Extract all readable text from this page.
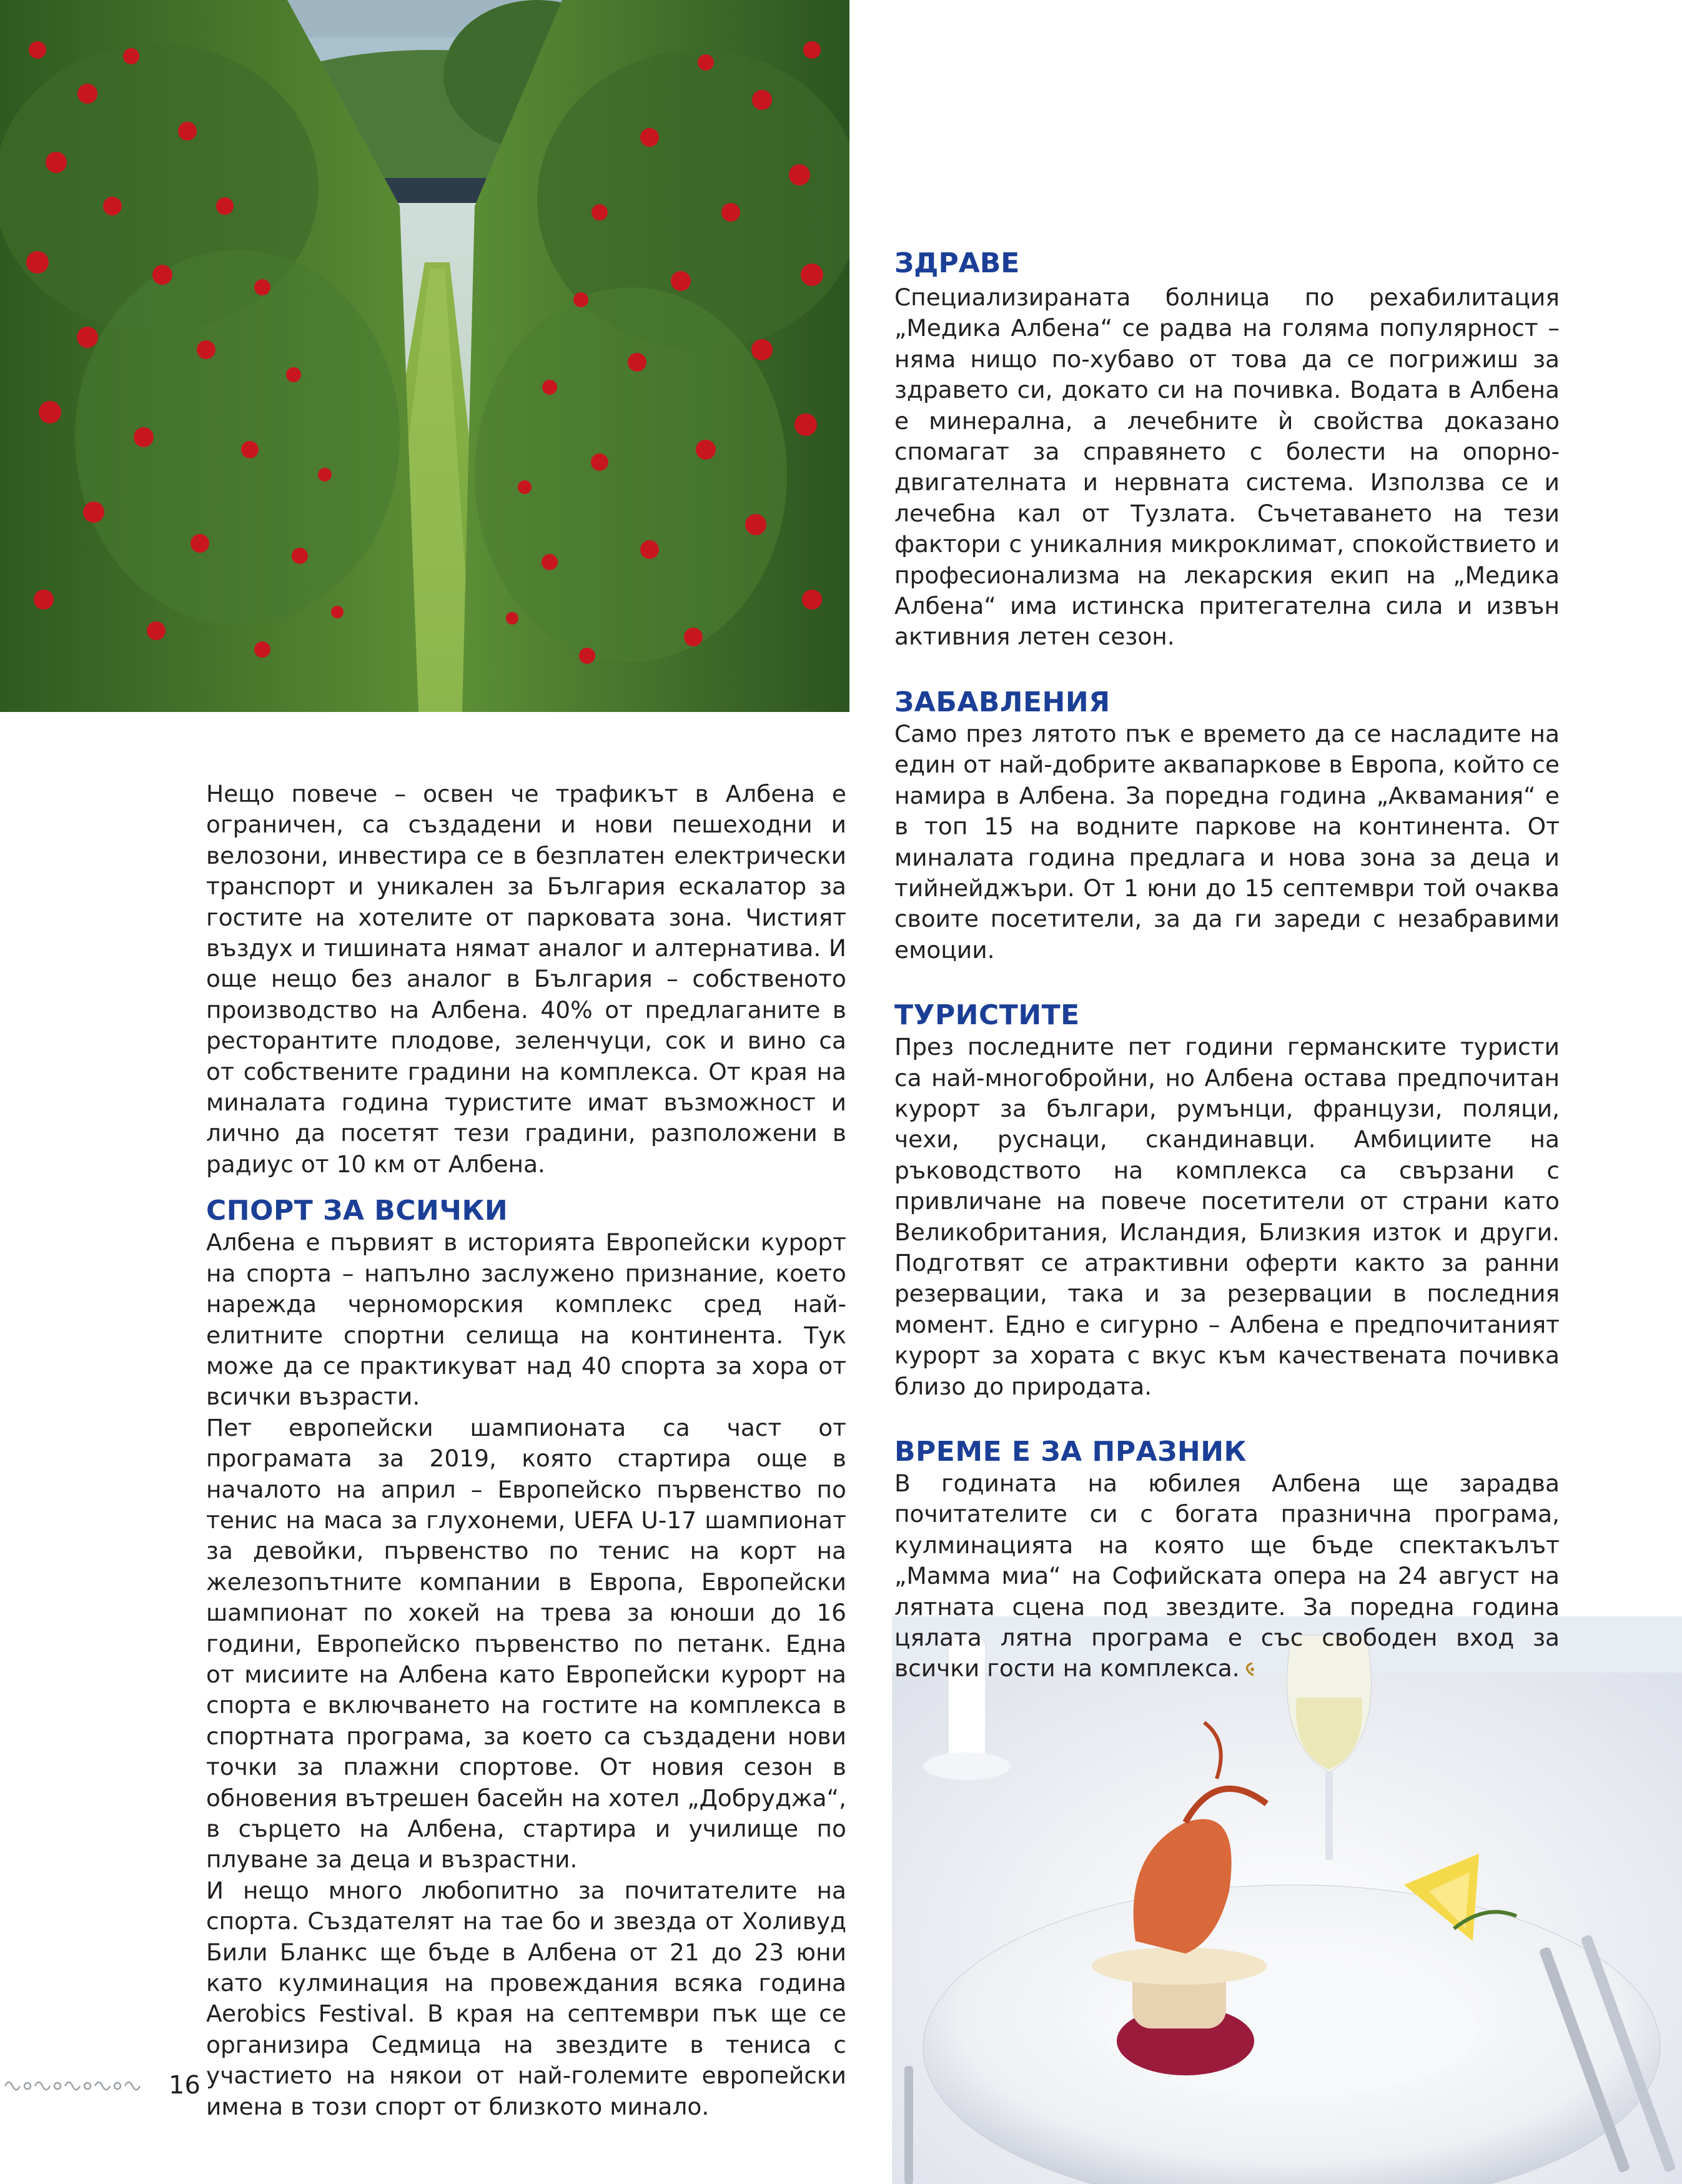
Нещо повече – освен че трафикът в Албена е ограничен, са създадени и нови пешеходни и велозони, инвестира се в безплатен електрически транспорт и уникален за България ескалатор за гостите на хотелите от парковата зона. Чистият въздух и тишината нямат аналог и алтернатива. И още нещо без аналог в България – собственото производство на Албена. 40% от предлаганите в ресторантите плодове, зеленчуци, сок и вино са от собствените градини на комплекса. От края на миналата година туристите имат възможност и лично да посетят тези градини, разположени в радиус от 10 км от Албена.

СПОРТ ЗА ВСИЧКИ

Албена е първият в историята Европейски курорт на спорта – напълно заслужено признание, което нарежда черноморския комплекс сред най-елитните спортни селища на континента. Тук може да се практикуват над 40 спорта за хора от всички възрасти.

Пет европейски шампионата са част от програмата за 2019, която стартира още в началото на април – Европейско първенство по тенис на маса за глухонеми, UEFA U-17 шампионат за девойки, първенство по тенис на корт на железопътните компании в Европа, Европейски шампионат по хокей на трева за юноши до 16 години, Европейско първенство по петанк. Една от мисиите на Албена като Европейски курорт на спорта е включването на гостите на комплекса в спортната програма, за което са създадени нови точки за плажни спортове. От новия сезон в обновения вътрешен басейн на хотел „Добруджа“, в сърцето на Албена, стартира и училище по плуване за деца и възрастни.

И нещо много любопитно за почитателите на спорта. Създателят на тае бо и звезда от Холивуд Били Бланкс ще бъде в Албена от 21 до 23 юни като кулминация на провеждания всяка година Aerobics Festival. В края на септември пък ще се организира Седмица на звездите в тениса с участието на някои от най-големите европейски имена в този спорт от близкото минало.

ЗДРАВЕ

Специализираната болница по рехабилитация „Медика Албена“ се радва на голяма популярност – няма нищо по-хубаво от това да се погрижиш за здравето си, докато си на почивка. Водата в Албена е минерална, а лечебните ѝ свойства доказано спомагат за справянето с болести на опорно-двигателната и нервната система. Използва се и лечебна кал от Тузлата. Съчетаването на тези фактори с уникалния микроклимат, спокойствието и професионализма на лекарския екип на „Медика Албена“ има истинска притегателна сила и извън активния летен сезон.

ЗАБАВЛЕНИЯ

Само през лятото пък е времето да се насладите на един от най-добрите аквапаркове в Европа, който се намира в Албена. За поредна година „Аквамания“ е в топ 15 на водните паркове на континента. От миналата година предлага и нова зона за деца и тийнейджъри. От 1 юни до 15 септември той очаква своите посетители, за да ги зареди с незабравими емоции.

ТУРИСТИТЕ

През последните пет години германските туристи са най-многобройни, но Албена остава предпочитан курорт за българи, румънци, французи, поляци, чехи, руснаци, скандинавци. Амбициите на ръководството на комплекса са свързани с привличане на повече посетители от страни като Великобритания, Исландия, Близкия изток и други. Подготвят се атрактивни оферти както за ранни резервации, така и за резервации в последния момент. Едно е сигурно – Албена е предпочитаният курорт за хората с вкус към качествената почивка близо до природата.

ВРЕМЕ Е ЗА ПРАЗНИК

В годината на юбилея Албена ще зарадва почитателите си с богата празнична програма, кулминацията на която ще бъде спектакълът „Мамма миа“ на Софийската опера на 24 август на лятната сцена под звездите. За поредна година цялата лятна програма е със свободен вход за всички гости на комплекса.

16
